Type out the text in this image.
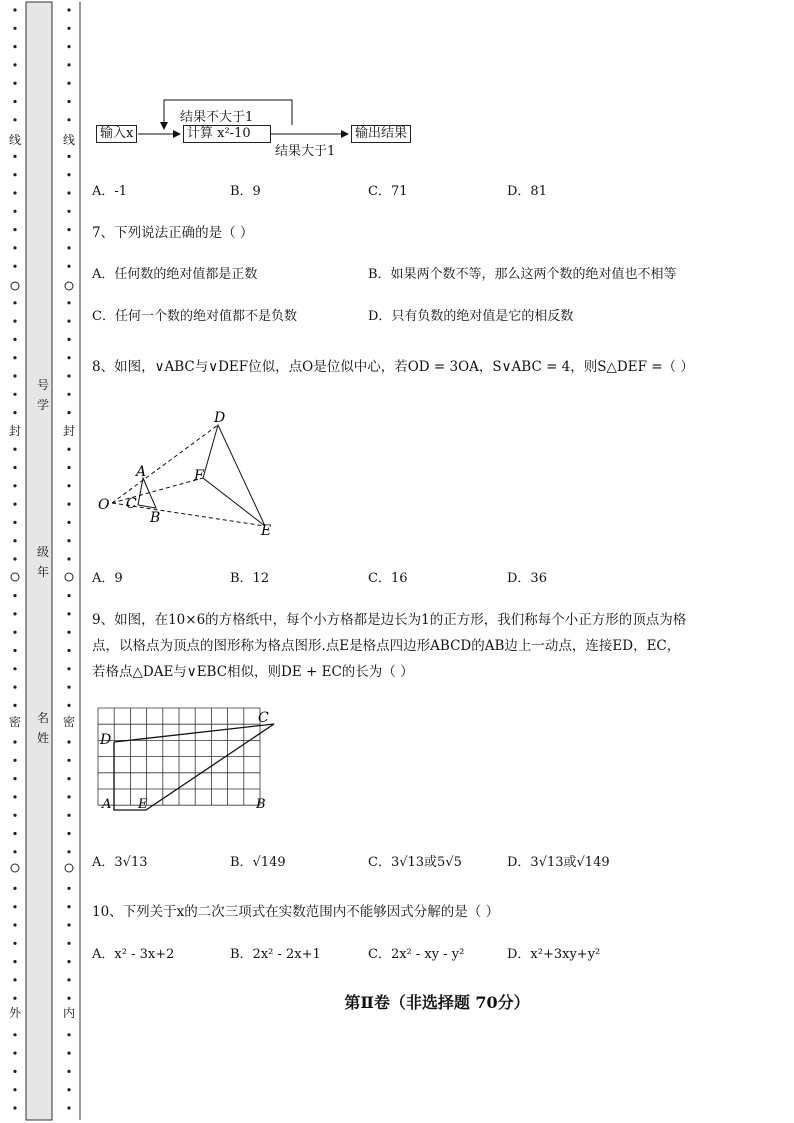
线
封
密
外
线
封
密
内
号
学
级
年
名
姓
输入x	计算 x²-10	输出结果
结果不大于1
结果大于1
A．-1	B．9	C．71	D．81
7、下列说法正确的是（ ）
A．任何数的绝对值都是正数	B．如果两个数不等，那么这两个数的绝对值也不相等
C．任何一个数的绝对值都不是负数	D．只有负数的绝对值是它的相反数
8、如图，∨ABC与∨DEF位似，点O是位似中心，若OD = 3OA，S∨ABC = 4，则S△DEF =（ ）
O
A
B
C
D
E
F
A．9	B．12	C．16	D．36
9、如图，在10×6的方格纸中，每个小方格都是边长为1的正方形，我们称每个小正方形的顶点为格
点，以格点为顶点的图形称为格点图形.点E是格点四边形ABCD的AB边上一动点，连接ED，EC，
若格点△DAE与∨EBC相似，则DE + EC的长为（ ）
D
C
A E	B
A．3√13	B．√149	C．3√13或5√5	D．3√13或√149
10、下列关于x的二次三项式在实数范围内不能够因式分解的是（ ）
A．x² - 3x+2	B．2x² - 2x+1	C．2x² - xy - y²	D．x²+3xy+y²
第Ⅱ卷（非选择题 70分）
